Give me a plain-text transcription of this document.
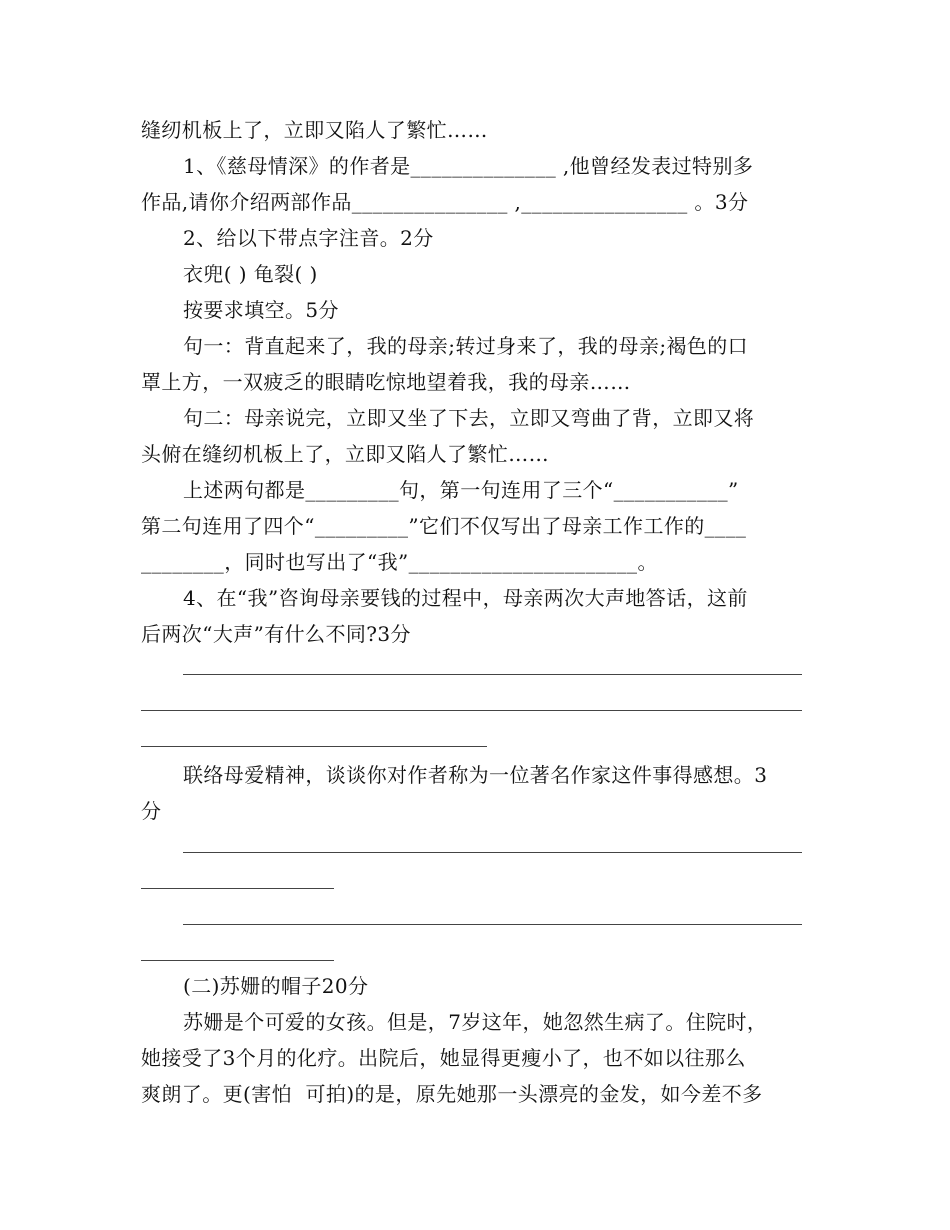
缝纫机板上了，立即又陷人了繁忙……
1、《慈母情深》的作者是______________ ,他曾经发表过特别多
作品,请你介绍两部作品_______________ ,________________ 。3分
2、给以下带点字注音。2分
衣兜( ) 龟裂( )
按要求填空。5分
句一：背直起来了，我的母亲;转过身来了，我的母亲;褐色的口
罩上方，一双疲乏的眼睛吃惊地望着我，我的母亲……
句二：母亲说完，立即又坐了下去，立即又弯曲了背，立即又将
头俯在缝纫机板上了，立即又陷人了繁忙……
上述两句都是_________句，第一句连用了三个“___________”
第二句连用了四个“_________”它们不仅写出了母亲工作工作的____
________，同时也写出了“我”______________________。
4、在“我”咨询母亲要钱的过程中，母亲两次大声地答话，这前
后两次“大声”有什么不同?3分
联络母爱精神，谈谈你对作者称为一位著名作家这件事得感想。3
分
(二)苏姗的帽子20分
苏姗是个可爱的女孩。但是，7岁这年，她忽然生病了。住院时，
她接受了3个月的化疗。出院后，她显得更瘦小了，也不如以往那么
爽朗了。更(害怕  可拍)的是，原先她那一头漂亮的金发，如今差不多
